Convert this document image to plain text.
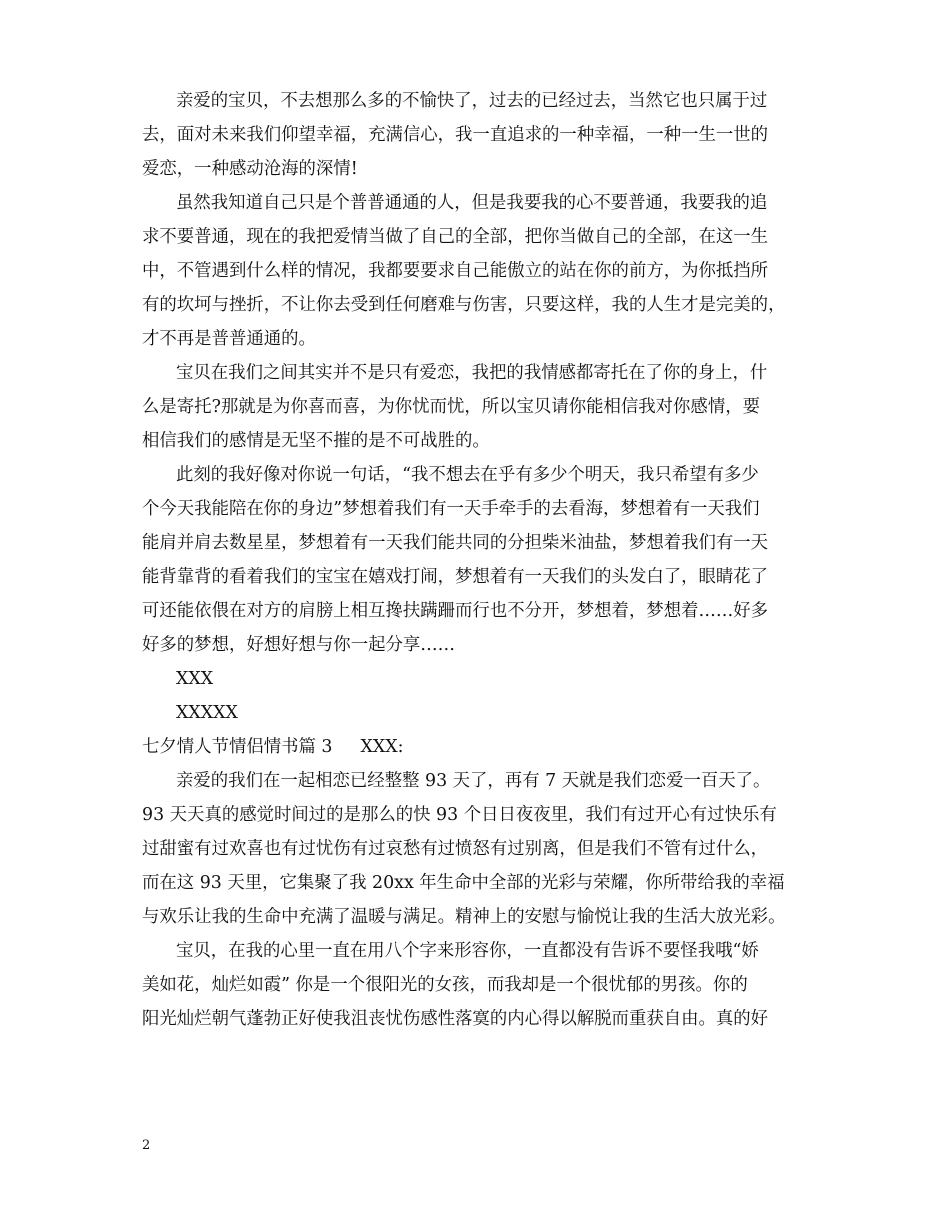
亲爱的宝贝，不去想那么多的不愉快了，过去的已经过去，当然它也只属于过
去，面对未来我们仰望幸福，充满信心，我一直追求的一种幸福，一种一生一世的
爱恋，一种感动沧海的深情!
虽然我知道自己只是个普普通通的人，但是我要我的心不要普通，我要我的追
求不要普通，现在的我把爱情当做了自己的全部，把你当做自己的全部，在这一生
中，不管遇到什么样的情况，我都要要求自己能傲立的站在你的前方，为你抵挡所
有的坎坷与挫折，不让你去受到任何磨难与伤害，只要这样，我的人生才是完美的，
才不再是普普通通的。
宝贝在我们之间其实并不是只有爱恋，我把的我情感都寄托在了你的身上，什
么是寄托?那就是为你喜而喜，为你忧而忧，所以宝贝请你能相信我对你感情，要
相信我们的感情是无坚不摧的是不可战胜的。
此刻的我好像对你说一句话，“我不想去在乎有多少个明天，我只希望有多少
个今天我能陪在你的身边”梦想着我们有一天手牵手的去看海，梦想着有一天我们
能肩并肩去数星星，梦想着有一天我们能共同的分担柴米油盐，梦想着我们有一天
能背靠背的看着我们的宝宝在嬉戏打闹，梦想着有一天我们的头发白了，眼睛花了
可还能依偎在对方的肩膀上相互搀扶蹒跚而行也不分开，梦想着，梦想着……好多
好多的梦想，好想好想与你一起分享……
XXX
XXXXX
七夕情人节情侣情书篇 3 XXX:
亲爱的我们在一起相恋已经整整 93 天了，再有 7 天就是我们恋爱一百天了。
93 天天真的感觉时间过的是那么的快 93 个日日夜夜里，我们有过开心有过快乐有
过甜蜜有过欢喜也有过忧伤有过哀愁有过愤怒有过别离，但是我们不管有过什么，
而在这 93 天里，它集聚了我 20xx 年生命中全部的光彩与荣耀，你所带给我的幸福
与欢乐让我的生命中充满了温暖与满足。精神上的安慰与愉悦让我的生活大放光彩。
宝贝，在我的心里一直在用八个字来形容你，一直都没有告诉不要怪我哦“娇
美如花，灿烂如霞” 你是一个很阳光的女孩，而我却是一个很忧郁的男孩。你的
阳光灿烂朝气蓬勃正好使我沮丧忧伤感性落寞的内心得以解脱而重获自由。真的好
2
